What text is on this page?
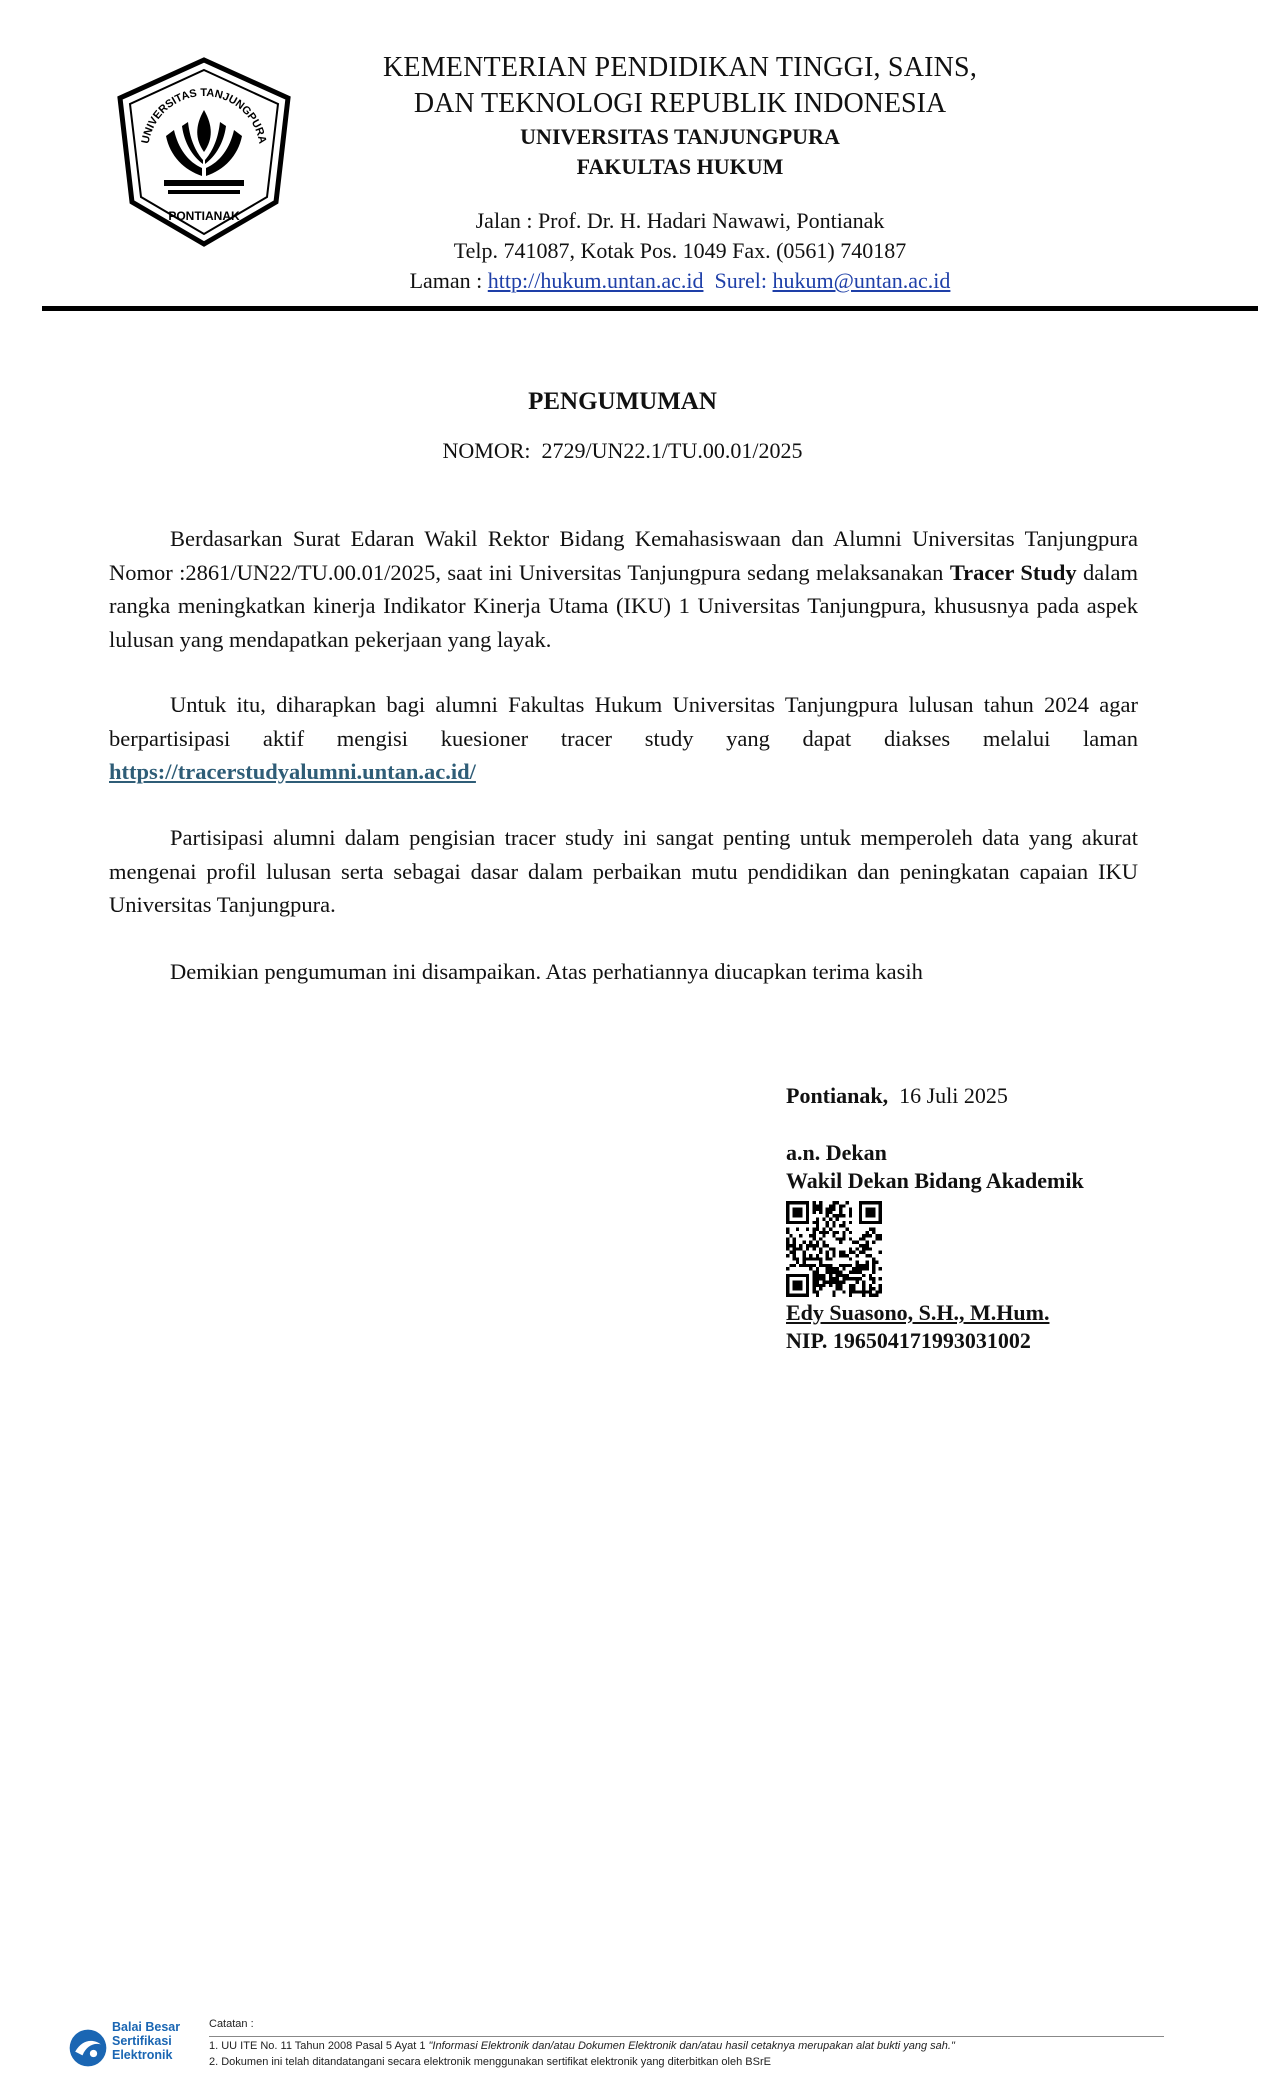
UNIVERSITAS TANJUNGPURA
PONTIANAK
KEMENTERIAN PENDIDIKAN TINGGI, SAINS,
DAN TEKNOLOGI REPUBLIK INDONESIA
UNIVERSITAS TANJUNGPURA
FAKULTAS HUKUM
Jalan : Prof. Dr. H. Hadari Nawawi, Pontianak
Telp. 741087, Kotak Pos. 1049 Fax. (0561) 740187
Laman : http://hukum.untan.ac.id Surel: hukum@untan.ac.id
PENGUMUMAN
NOMOR: 2729/UN22.1/TU.00.01/2025

Berdasarkan Surat Edaran Wakil Rektor Bidang Kemahasiswaan dan Alumni Universitas Tanjungpura Nomor :2861/UN22/TU.00.01/2025, saat ini Universitas Tanjungpura sedang melaksanakan Tracer Study dalam rangka meningkatkan kinerja Indikator Kinerja Utama (IKU) 1 Universitas Tanjungpura, khususnya pada aspek lulusan yang mendapatkan pekerjaan yang layak.

Untuk itu, diharapkan bagi alumni Fakultas Hukum Universitas Tanjungpura lulusan tahun 2024 agar berpartisipasi aktif mengisi kuesioner tracer study yang dapat diakses melalui laman https://tracerstudyalumni.untan.ac.id/

Partisipasi alumni dalam pengisian tracer study ini sangat penting untuk memperoleh data yang akurat mengenai profil lulusan serta sebagai dasar dalam perbaikan mutu pendidikan dan peningkatan capaian IKU Universitas Tanjungpura.

Demikian pengumuman ini disampaikan. Atas perhatiannya diucapkan terima kasih

Pontianak, 16 Juli 2025
a.n. Dekan
Wakil Dekan Bidang Akademik
Edy Suasono, S.H., M.Hum.
NIP. 196504171993031002
Balai Besar
Sertifikasi
Elektronik
Catatan :
1. UU ITE No. 11 Tahun 2008 Pasal 5 Ayat 1 "Informasi Elektronik dan/atau Dokumen Elektronik dan/atau hasil cetaknya merupakan alat bukti yang sah."
2. Dokumen ini telah ditandatangani secara elektronik menggunakan sertifikat elektronik yang diterbitkan oleh BSrE
